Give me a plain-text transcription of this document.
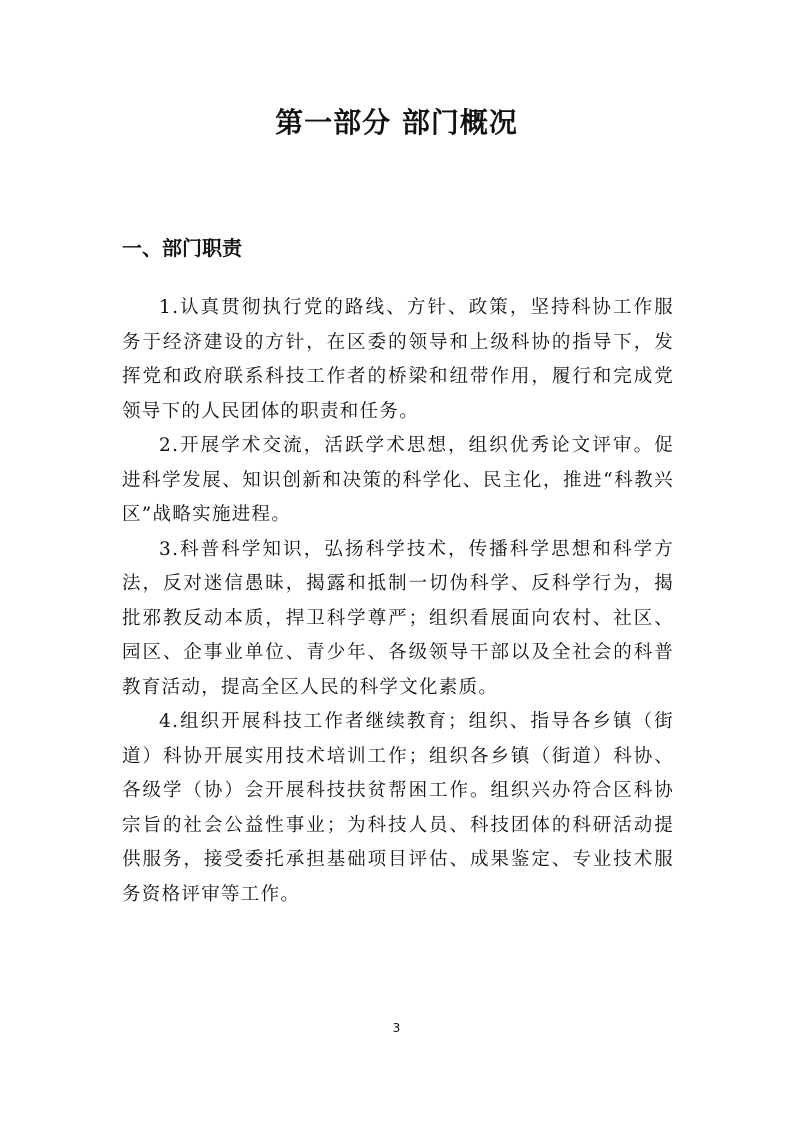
第一部分 部门概况
一、部门职责

1.认真贯彻执行党的路线、方针、政策，坚持科协工作服务于经济建设的方针，在区委的领导和上级科协的指导下，发挥党和政府联系科技工作者的桥梁和纽带作用，履行和完成党领导下的人民团体的职责和任务。

2.开展学术交流，活跃学术思想，组织优秀论文评审。促进科学发展、知识创新和决策的科学化、民主化，推进“科教兴区”战略实施进程。

3.科普科学知识，弘扬科学技术，传播科学思想和科学方法，反对迷信愚昧，揭露和抵制一切伪科学、反科学行为，揭批邪教反动本质，捍卫科学尊严；组织看展面向农村、社区、园区、企事业单位、青少年、各级领导干部以及全社会的科普教育活动，提高全区人民的科学文化素质。

4.组织开展科技工作者继续教育；组织、指导各乡镇（街道）科协开展实用技术培训工作；组织各乡镇（街道）科协、各级学（协）会开展科技扶贫帮困工作。组织兴办符合区科协宗旨的社会公益性事业；为科技人员、科技团体的科研活动提供服务，接受委托承担基础项目评估、成果鉴定、专业技术服务资格评审等工作。

3
